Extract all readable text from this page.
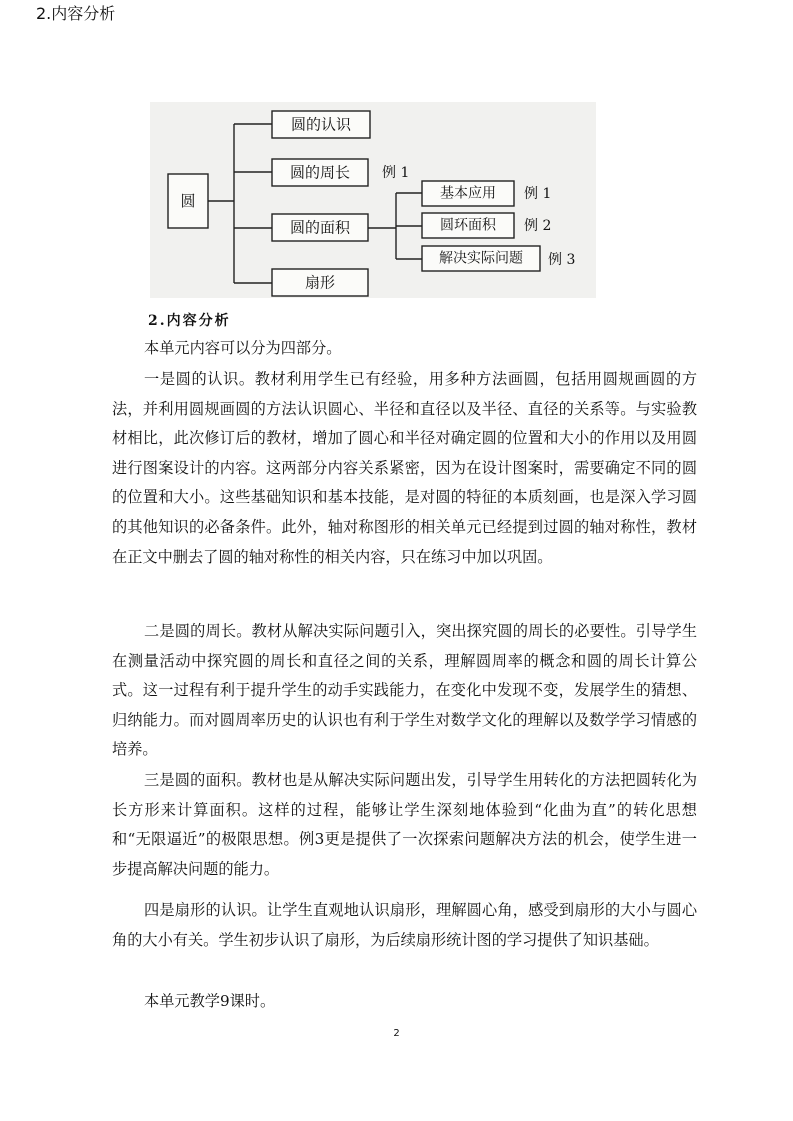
2.内容分析
圆
圆的认识
圆的周长
圆的面积
扇形
基本应用
圆环面积
解决实际问题
例 1
例 1
例 2
例 3
2.内容分析

本单元内容可以分为四部分。

一是圆的认识。教材利用学生已有经验，用多种方法画圆，包括用圆规画圆的方法，并利用圆规画圆的方法认识圆心、半径和直径以及半径、直径的关系等。与实验教材相比，此次修订后的教材，增加了圆心和半径对确定圆的位置和大小的作用以及用圆进行图案设计的内容。这两部分内容关系紧密，因为在设计图案时，需要确定不同的圆的位置和大小。这些基础知识和基本技能，是对圆的特征的本质刻画，也是深入学习圆的其他知识的必备条件。此外，轴对称图形的相关单元已经提到过圆的轴对称性，教材在正文中删去了圆的轴对称性的相关内容，只在练习中加以巩固。

二是圆的周长。教材从解决实际问题引入，突出探究圆的周长的必要性。引导学生在测量活动中探究圆的周长和直径之间的关系，理解圆周率的概念和圆的周长计算公式。这一过程有利于提升学生的动手实践能力，在变化中发现不变，发展学生的猜想、归纳能力。而对圆周率历史的认识也有利于学生对数学文化的理解以及数学学习情感的培养。

三是圆的面积。教材也是从解决实际问题出发，引导学生用转化的方法把圆转化为长方形来计算面积。这样的过程，能够让学生深刻地体验到“化曲为直”的转化思想和“无限逼近”的极限思想。例3更是提供了一次探索问题解决方法的机会，使学生进一步提高解决问题的能力。

四是扇形的认识。让学生直观地认识扇形，理解圆心角，感受到扇形的大小与圆心角的大小有关。学生初步认识了扇形，为后续扇形统计图的学习提供了知识基础。

本单元教学9课时。

2
